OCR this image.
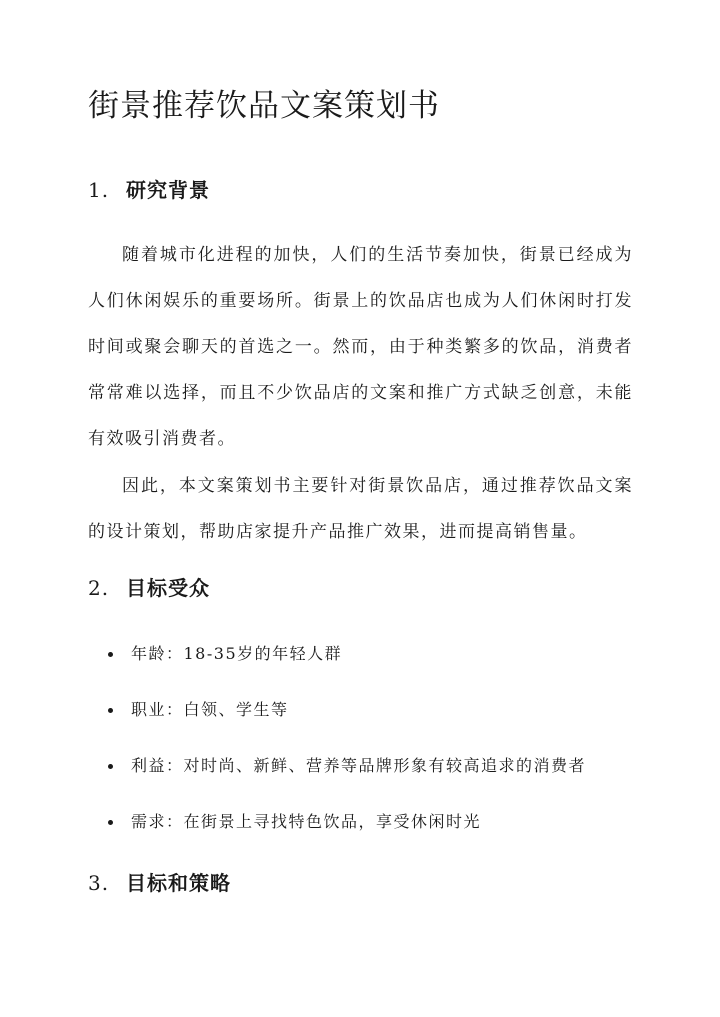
街景推荐饮品文案策划书
1. 研究背景

随着城市化进程的加快，人们的生活节奏加快，街景已经成为人们休闲娱乐的重要场所。街景上的饮品店也成为人们休闲时打发时间或聚会聊天的首选之一。然而，由于种类繁多的饮品，消费者常常难以选择，而且不少饮品店的文案和推广方式缺乏创意，未能有效吸引消费者。

因此，本文案策划书主要针对街景饮品店，通过推荐饮品文案的设计策划，帮助店家提升产品推广效果，进而提高销售量。

2. 目标受众
年龄：18-35岁的年轻人群
职业：白领、学生等
利益：对时尚、新鲜、营养等品牌形象有较高追求的消费者
需求：在街景上寻找特色饮品，享受休闲时光
3. 目标和策略
